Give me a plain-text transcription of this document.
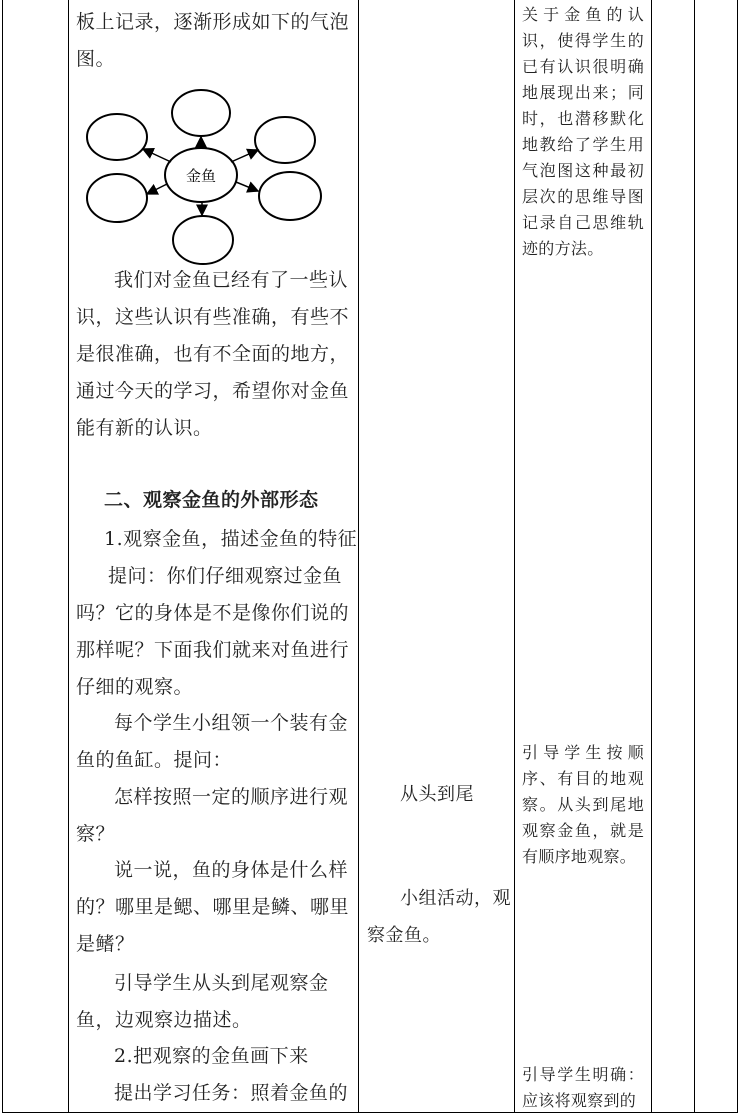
板上记录，逐渐形成如下的气泡

图。

金鱼

我们对金鱼已经有了一些认识，这些认识有些准确，有些不是很准确，也有不全面的地方，通过今天的学习，希望你对金鱼能有新的认识。

二、观察金鱼的外部形态

1.观察金鱼，描述金鱼的特征

提问：你们仔细观察过金鱼吗？它的身体是不是像你们说的那样呢？下面我们就来对鱼进行仔细的观察。

每个学生小组领一个装有金鱼的鱼缸。提问：

怎样按照一定的顺序进行观察？

说一说，鱼的身体是什么样的？哪里是鳃、哪里是鳞、哪里是鳍？

引导学生从头到尾观察金鱼，边观察边描述。

2.把观察的金鱼画下来

提出学习任务：照着金鱼的

从头到尾

小组活动，观察金鱼。

关于金鱼的认识，使得学生的已有认识很明确地展现出来；同时，也潜移默化地教给了学生用气泡图这种最初层次的思维导图记录自己思维轨迹的方法。

引导学生按顺序、有目的地观察。从头到尾地观察金鱼，就是有顺序地观察。

引导学生明确：应该将观察到的
